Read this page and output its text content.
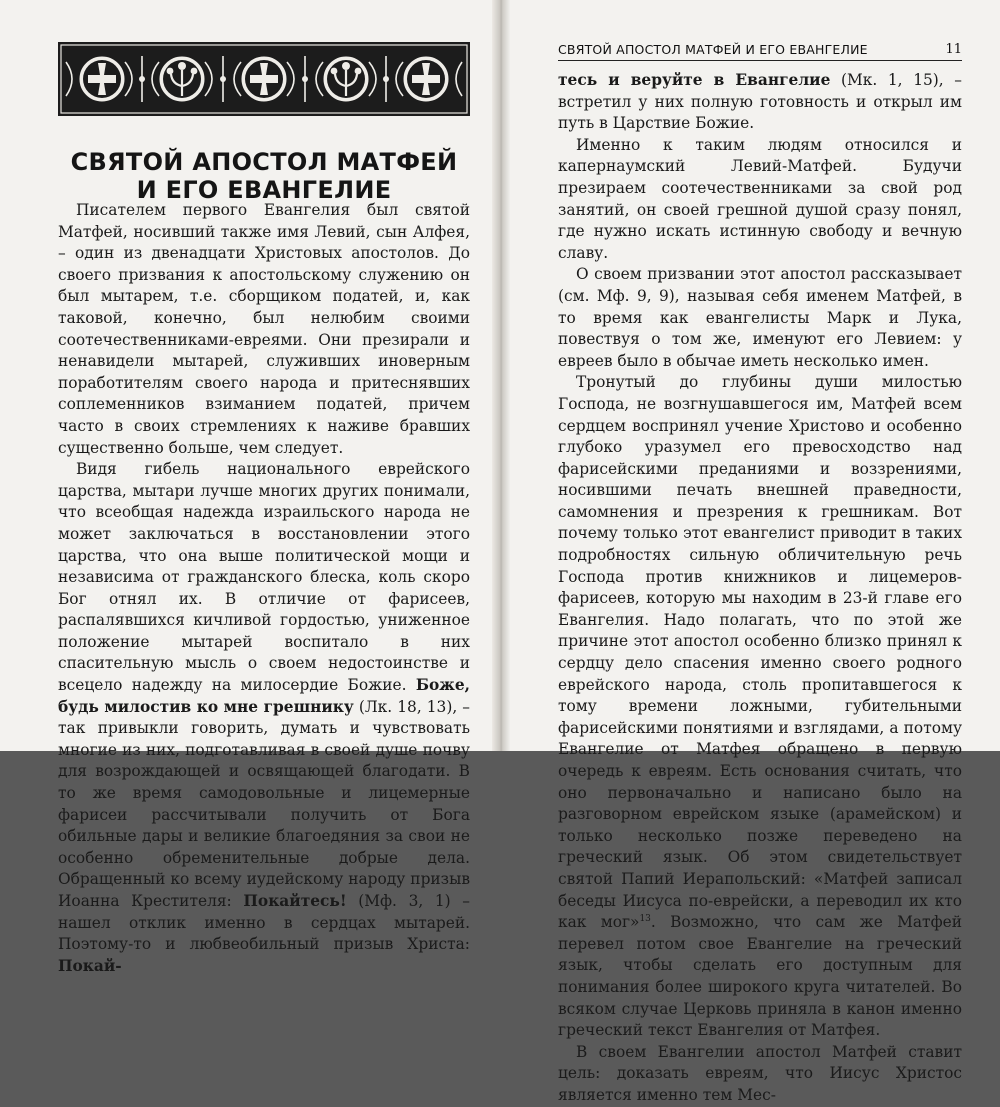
СВЯТОЙ АПОСТОЛ МАТФЕЙ
И ЕГО ЕВАНГЕЛИЕ

Писателем первого Евангелия был святой Матфей, носивший также имя Левий, сын Алфея, – один из двенадцати Христовых апостолов. До своего призвания к апостольскому служению он был мытарем, т.е. сборщиком податей, и, как таковой, конечно, был нелюбим своими соотечественниками-евреями. Они презирали и ненавидели мытарей, служивших иноверным поработителям своего народа и притеснявших соплеменников взиманием податей, причем часто в своих стремлениях к наживе бравших существенно больше, чем следует.

Видя гибель национального еврейского царства, мытари лучше многих других понимали, что всеобщая надежда израильского народа не может заключаться в восстановлении этого царства, что она выше политической мощи и независима от гражданского блеска, коль скоро Бог отнял их. В отличие от фарисеев, распалявшихся кичливой гордостью, униженное положение мытарей воспитало в них спасительную мысль о своем недостоинстве и всецело надежду на милосердие Божие. Боже, будь милостив ко мне грешнику (Лк. 18, 13), – так привыкли говорить, думать и чувствовать многие из них, подготавливая в своей душе почву для возрождающей и освящающей благодати. В то же время самодовольные и лицемерные фарисеи рассчитывали получить от Бога обильные дары и великие благоедяния за свои не особенно обременительные добрые дела. Обращенный ко всему иудейскому народу призыв Иоанна Крестителя: Покайтесь! (Мф. 3, 1) – нашел отклик именно в сердцах мытарей. Поэтому-то и любвеобильный призыв Христа: Покай-

СВЯТОЙ АПОСТОЛ МАТФЕЙ И ЕГО ЕВАНГЕЛИЕ	11

тесь и веруйте в Евангелие (Мк. 1, 15), – встретил у них полную готовность и открыл им путь в Царствие Божие.

Именно к таким людям относился и капернаумский Левий-Матфей. Будучи презираем соотечественниками за свой род занятий, он своей грешной душой сразу понял, где нужно искать истинную свободу и вечную славу.

О своем призвании этот апостол рассказывает (см. Мф. 9, 9), называя себя именем Матфей, в то время как евангелисты Марк и Лука, повествуя о том же, именуют его Левием: у евреев было в обычае иметь несколько имен.

Тронутый до глубины души милостью Господа, не возгнушавшегося им, Матфей всем сердцем воспринял учение Христово и особенно глубоко уразумел его превосходство над фарисейскими преданиями и воззрениями, носившими печать внешней праведности, самомнения и презрения к грешникам. Вот почему только этот евангелист приводит в таких подробностях сильную обличительную речь Господа против книжников и лицемеров-фарисеев, которую мы находим в 23-й главе его Евангелия. Надо полагать, что по этой же причине этот апостол особенно близко принял к сердцу дело спасения именно своего родного еврейского народа, столь пропитавшегося к тому времени ложными, губительными фарисейскими понятиями и взглядами, а потому Евангелие от Матфея обращено в первую очередь к евреям. Есть основания считать, что оно первоначально и написано было на разговорном еврейском языке (арамейском) и только несколько позже переведено на греческий язык. Об этом свидетельствует святой Папий Иерапольский: «Матфей записал беседы Иисуса по-еврейски, а переводил их кто как мог»$^{13}$. Возможно, что сам же Матфей перевел потом свое Евангелие на греческий язык, чтобы сделать его доступным для понимания более широкого круга читателей. Во всяком случае Церковь приняла в канон именно греческий текст Евангелия от Матфея.

В своем Евангелии апостол Матфей ставит цель: доказать евреям, что Иисус Христос является именно тем Мес-
